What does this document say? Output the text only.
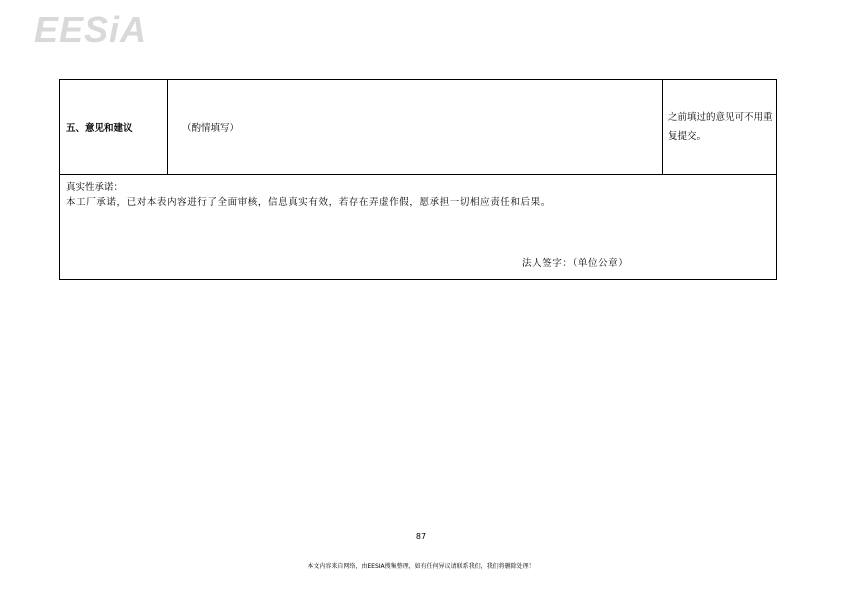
EESiA
五、意见和建议	（酌情填写）	之前填过的意见可不用重复提交。

真实性承诺：
本工厂承诺，已对本表内容进行了全面审核，信息真实有效，若存在弄虚作假，愿承担一切相应责任和后果。
法人签字：（单位公章）
87
本文内容来自网络，由EESIA搜集整理，如有任何异议请联系我们，我们将删除处理！
